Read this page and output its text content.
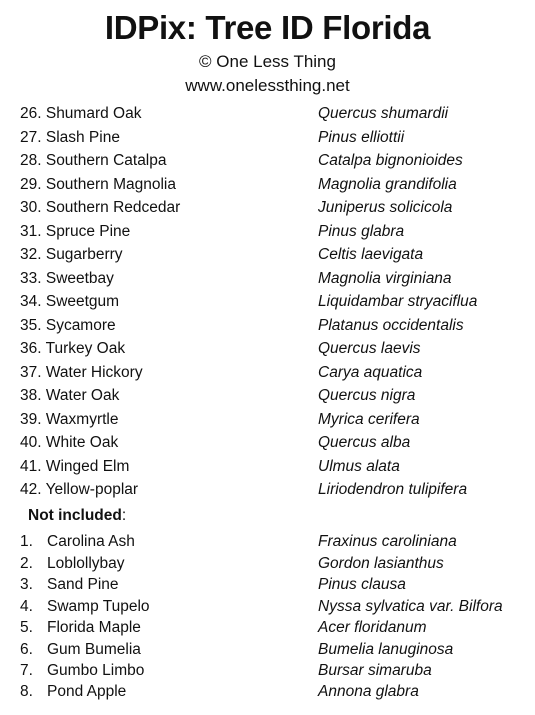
IDPix: Tree ID Florida
© One Less Thing
www.onelessthing.net
26. Shumard Oak	Quercus shumardii
27. Slash Pine	Pinus elliottii
28. Southern Catalpa	Catalpa bignonioides
29. Southern Magnolia	Magnolia grandifolia
30. Southern Redcedar	Juniperus solicicola
31. Spruce Pine	Pinus glabra
32. Sugarberry	Celtis laevigata
33. Sweetbay	Magnolia virginiana
34. Sweetgum	Liquidambar stryaciflua
35. Sycamore	Platanus occidentalis
36. Turkey Oak	Quercus laevis
37. Water Hickory	Carya aquatica
38. Water Oak	Quercus nigra
39. Waxmyrtle	Myrica cerifera
40. White Oak	Quercus alba
41. Winged Elm	Ulmus alata
42. Yellow-poplar	Liriodendron tulipifera
Not included:
1. Carolina Ash	Fraxinus caroliniana
2. Loblollybay	Gordon lasianthus
3. Sand Pine	Pinus clausa
4. Swamp Tupelo	Nyssa sylvatica var. Bilfora
5. Florida Maple	Acer floridanum
6. Gum Bumelia	Bumelia lanuginosa
7. Gumbo Limbo	Bursar simaruba
8. Pond Apple	Annona glabra
